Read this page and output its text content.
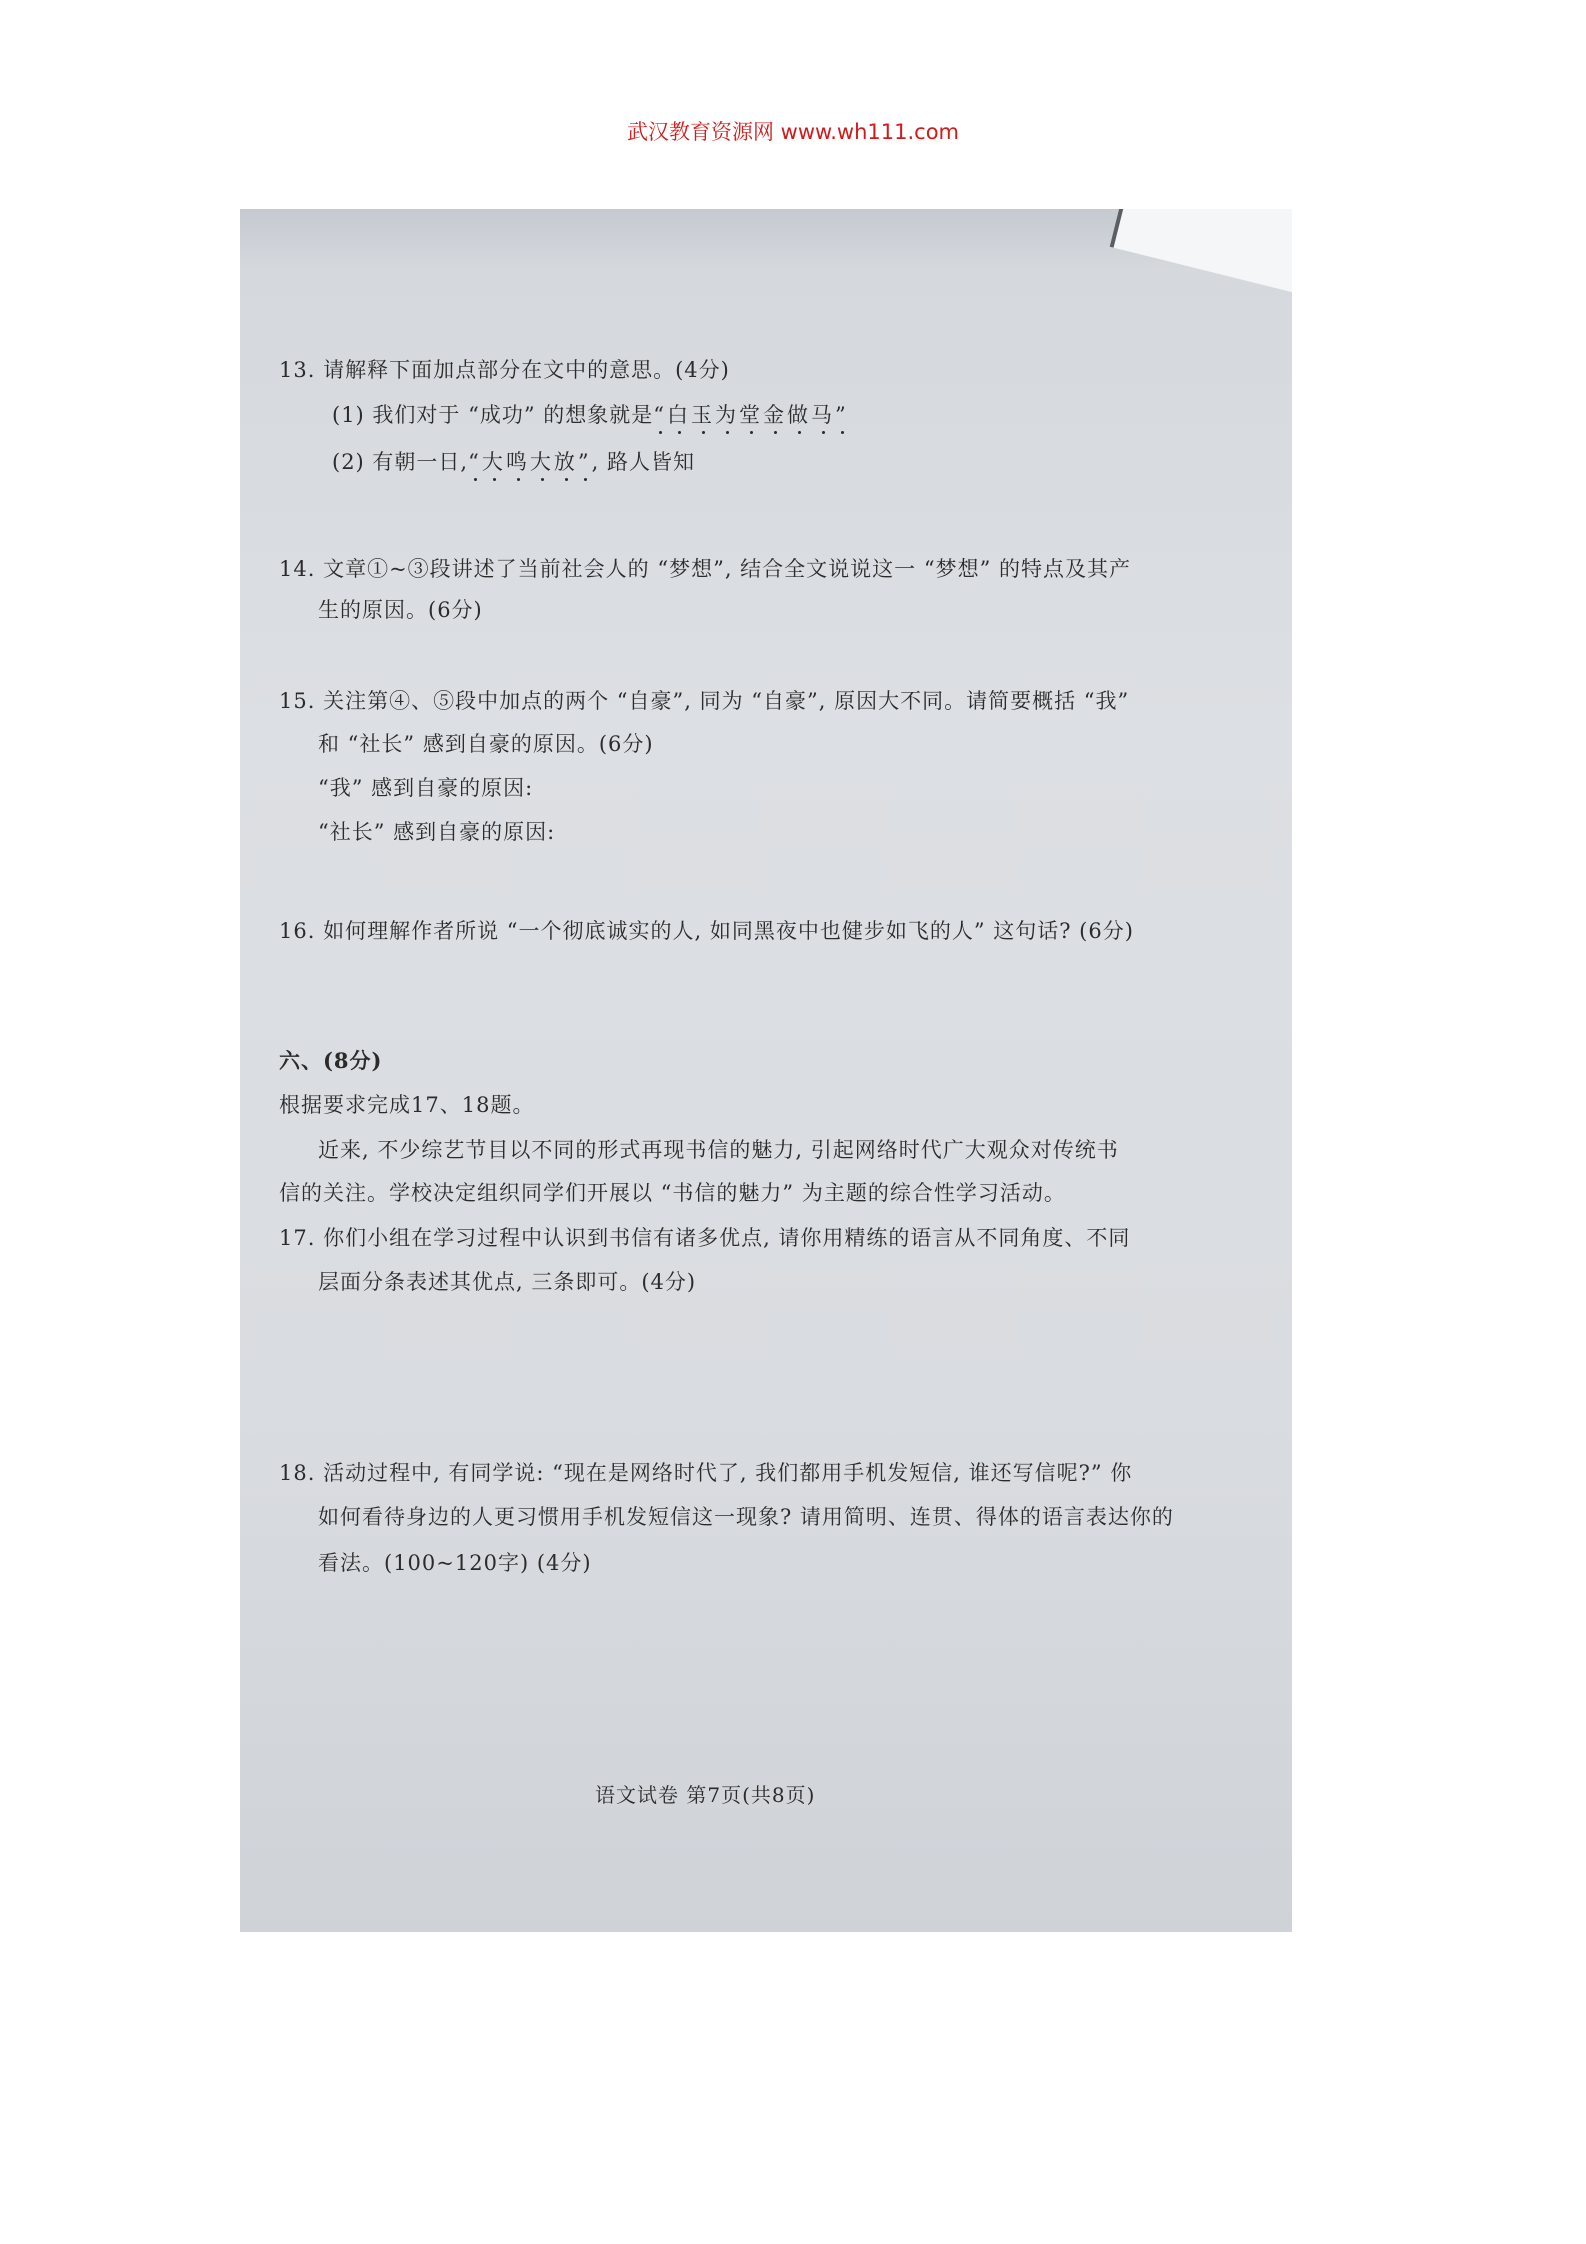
武汉教育资源网 www.wh111.com
13. 请解释下面加点部分在文中的意思。(4分)
(1) 我们对于 “成功” 的想象就是“白玉为堂金做马”
(2) 有朝一日,“大鸣大放”, 路人皆知
14. 文章①~③段讲述了当前社会人的 “梦想”, 结合全文说说这一 “梦想” 的特点及其产
生的原因。(6分)
15. 关注第④、⑤段中加点的两个 “自豪”, 同为 “自豪”, 原因大不同。请简要概括 “我”
和 “社长” 感到自豪的原因。(6分)
“我” 感到自豪的原因:
“社长” 感到自豪的原因:
16. 如何理解作者所说 “一个彻底诚实的人, 如同黑夜中也健步如飞的人” 这句话? (6分)
六、(8分)
根据要求完成17、18题。
近来, 不少综艺节目以不同的形式再现书信的魅力, 引起网络时代广大观众对传统书
信的关注。学校决定组织同学们开展以 “书信的魅力” 为主题的综合性学习活动。
17. 你们小组在学习过程中认识到书信有诸多优点, 请你用精练的语言从不同角度、不同
层面分条表述其优点, 三条即可。(4分)
18. 活动过程中, 有同学说: “现在是网络时代了, 我们都用手机发短信, 谁还写信呢?” 你
如何看待身边的人更习惯用手机发短信这一现象? 请用简明、连贯、得体的语言表达你的
看法。(100~120字) (4分)
语文试卷 第7页(共8页)
